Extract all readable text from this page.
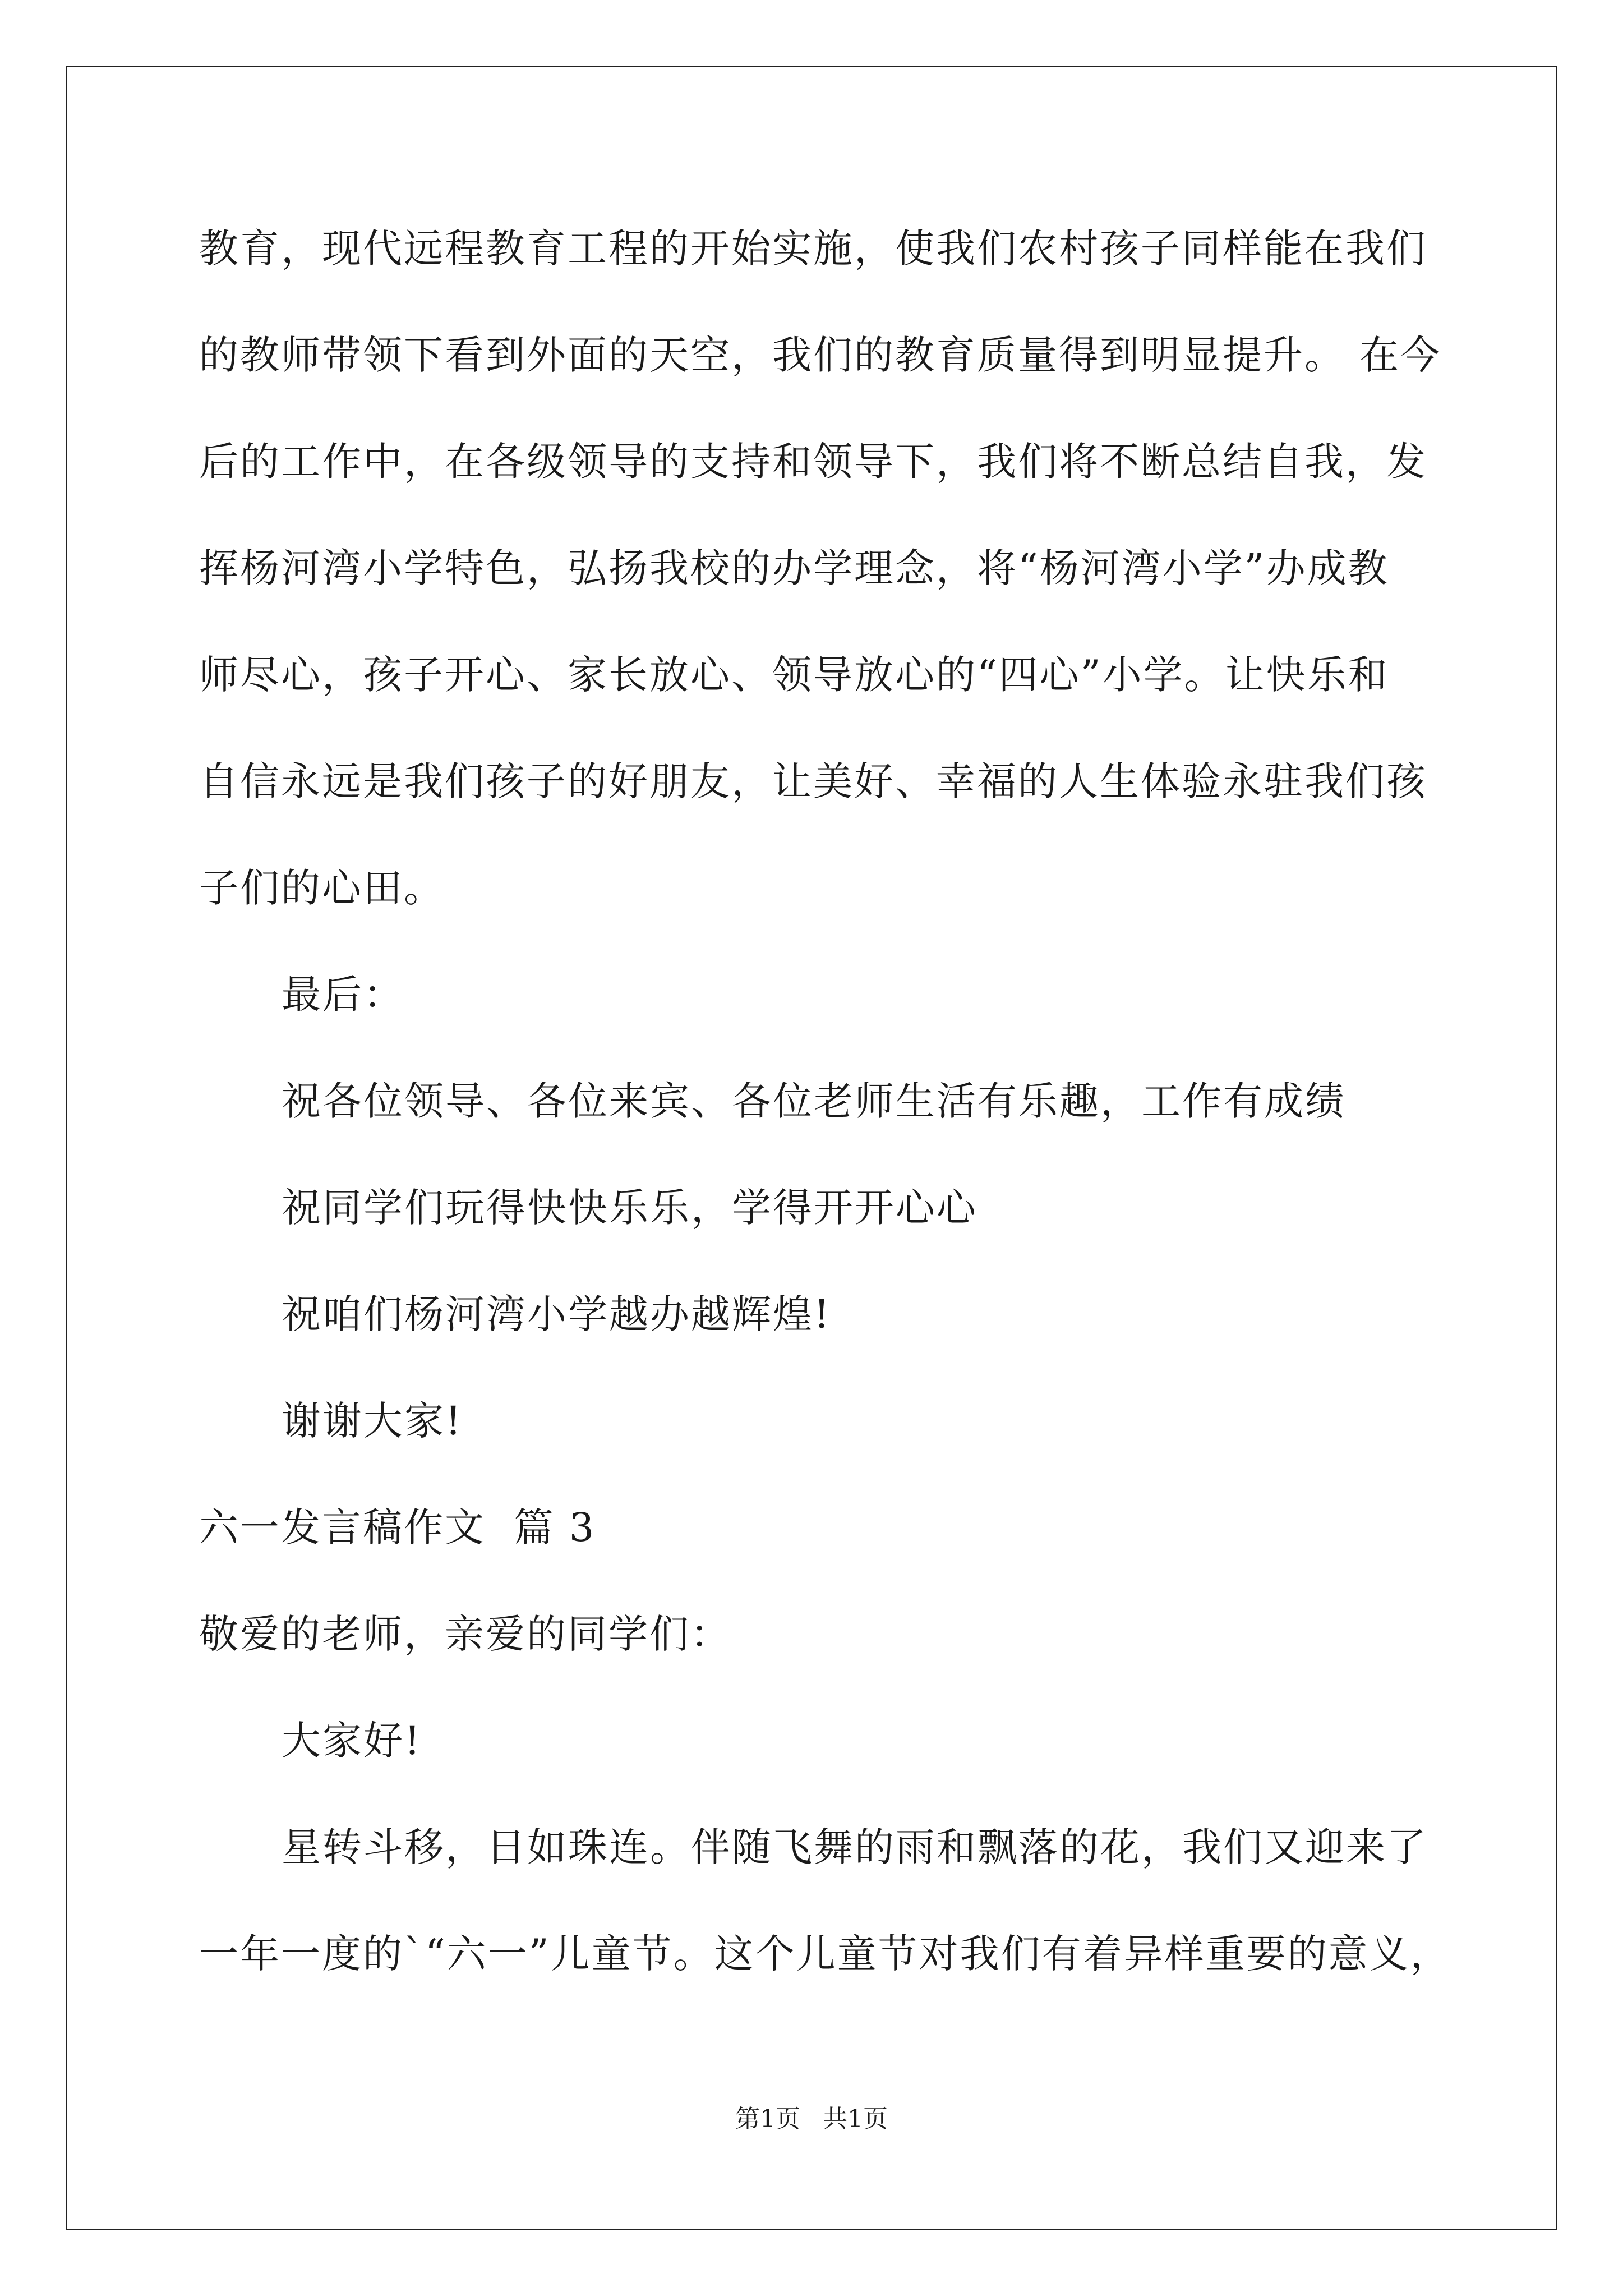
教育，现代远程教育工程的开始实施，使我们农村孩子同样能在我们
的教师带领下看到外面的天空，我们的教育质量得到明显提升。 在今
后的工作中，在各级领导的支持和领导下，我们将不断总结自我，发
挥杨河湾小学特色，弘扬我校的办学理念，将“杨河湾小学”办成教
师尽心，孩子开心、家长放心、领导放心的“四心”小学。让快乐和
自信永远是我们孩子的好朋友，让美好、幸福的人生体验永驻我们孩
子们的心田。
最后：
祝各位领导、各位来宾、各位老师生活有乐趣，工作有成绩
祝同学们玩得快快乐乐，学得开开心心
祝咱们杨河湾小学越办越辉煌!
谢谢大家!
六一发言稿作文  篇 3
敬爱的老师，亲爱的同学们：
大家好!
星转斗移，日如珠连。伴随飞舞的雨和飘落的花，我们又迎来了
一年一度的`“六一”儿童节。这个儿童节对我们有着异样重要的意义，
第1页 共1页
